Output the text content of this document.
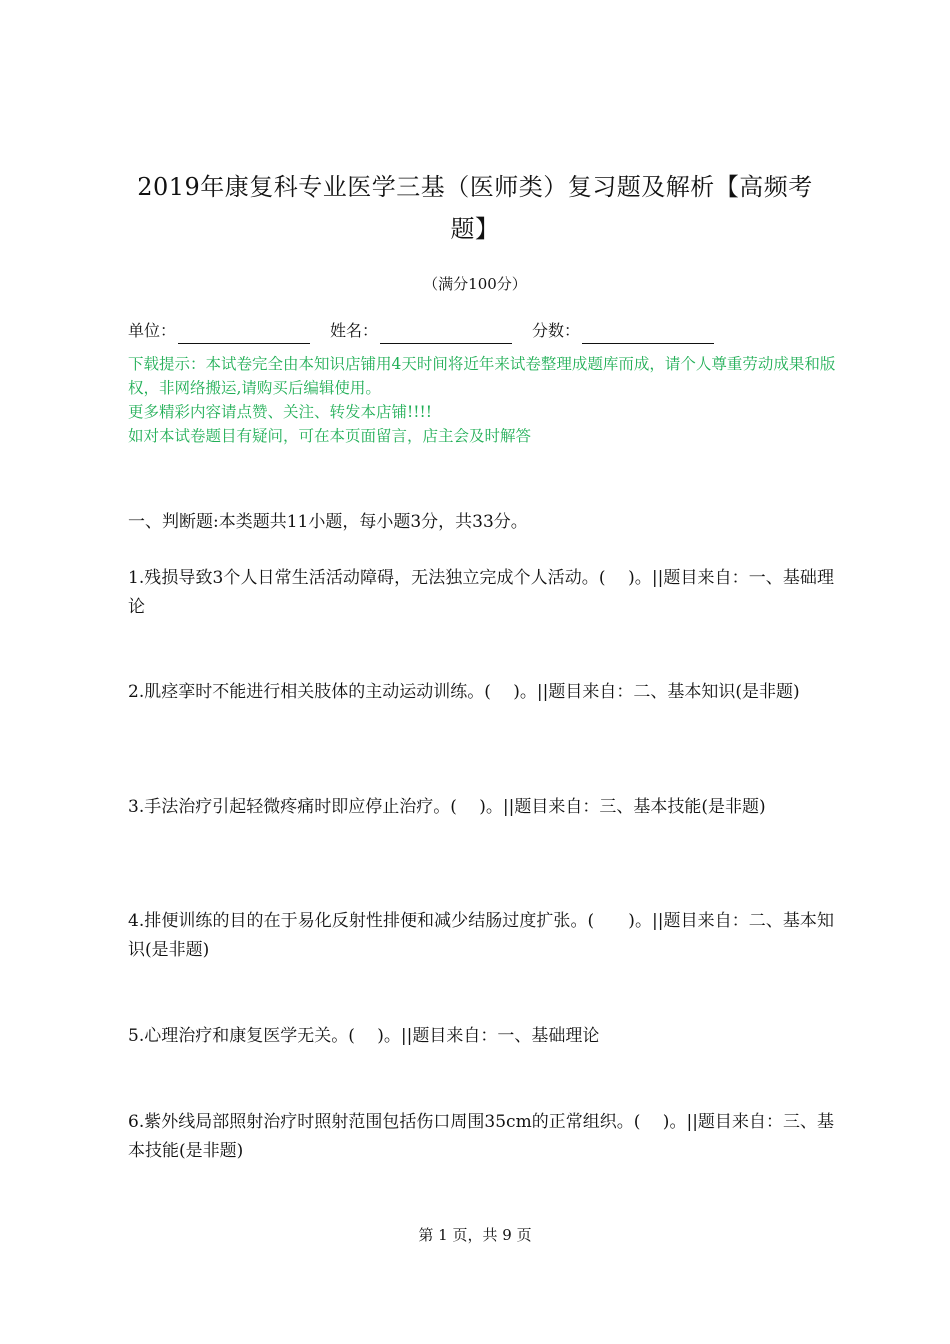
2019年康复科专业医学三基（医师类）复习题及解析【高频考题】
（满分100分）
单位：	姓名：	分数：

下载提示：本试卷完全由本知识店铺用4天时间将近年来试卷整理成题库而成，请个人尊重劳动成果和版权，非网络搬运,请购买后编辑使用。

更多精彩内容请点赞、关注、转发本店铺!!!!

如对本试卷题目有疑问，可在本页面留言，店主会及时解答

一、判断题:本类题共11小题，每小题3分，共33分。
1.残损导致3个人日常生活活动障碍，无法独立完成个人活动。(　 )。||题目来自：一、基础理论
2.肌痉挛时不能进行相关肢体的主动运动训练。(　 )。||题目来自：二、基本知识(是非题)
3.手法治疗引起轻微疼痛时即应停止治疗。(　 )。||题目来自：三、基本技能(是非题)
4.排便训练的目的在于易化反射性排便和减少结肠过度扩张。(　　)。||题目来自：二、基本知识(是非题)
5.心理治疗和康复医学无关。(　 )。||题目来自：一、基础理论
6.紫外线局部照射治疗时照射范围包括伤口周围35cm的正常组织。(　 )。||题目来自：三、基本技能(是非题)
第 1 页，共 9 页
